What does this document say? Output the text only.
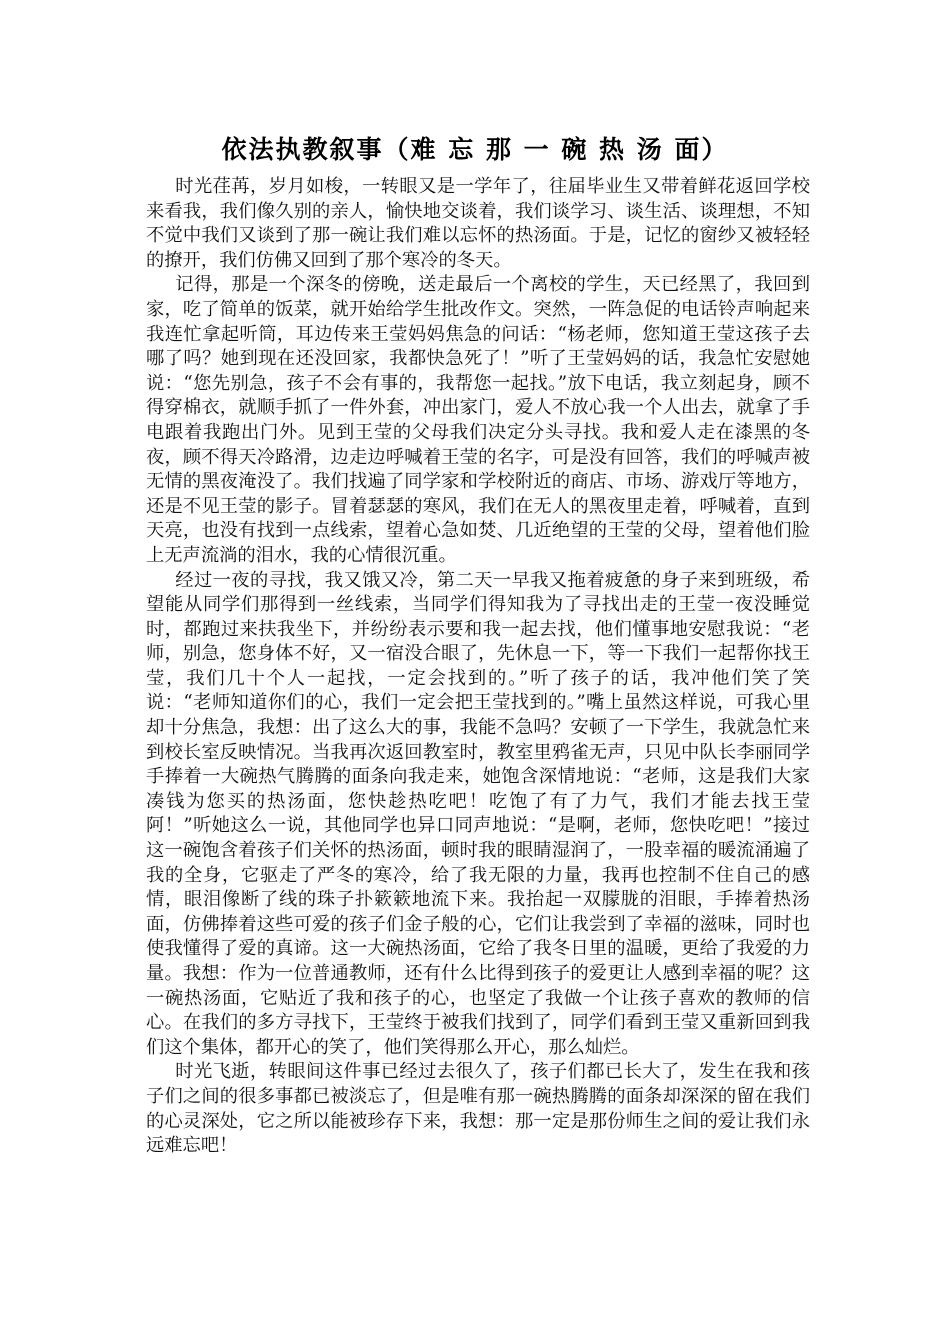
依法执教叙事（难 忘 那 一 碗 热 汤 面）

时光荏苒，岁月如梭，一转眼又是一学年了，往届毕业生又带着鲜花返回学校来看我，我们像久别的亲人，愉快地交谈着，我们谈学习、谈生活、谈理想，不知不觉中我们又谈到了那一碗让我们难以忘怀的热汤面。于是，记忆的窗纱又被轻轻的撩开，我们仿佛又回到了那个寒冷的冬天。

记得，那是一个深冬的傍晚，送走最后一个离校的学生，天已经黑了，我回到家，吃了简单的饭菜，就开始给学生批改作文。突然，一阵急促的电话铃声响起来我连忙拿起听筒，耳边传来王莹妈妈焦急的问话：“杨老师，您知道王莹这孩子去哪了吗？她到现在还没回家，我都快急死了！”听了王莹妈妈的话，我急忙安慰她说：“您先别急，孩子不会有事的，我帮您一起找。”放下电话，我立刻起身，顾不得穿棉衣，就顺手抓了一件外套，冲出家门，爱人不放心我一个人出去，就拿了手电跟着我跑出门外。见到王莹的父母我们决定分头寻找。我和爱人走在漆黑的冬夜，顾不得天冷路滑，边走边呼喊着王莹的名字，可是没有回答，我们的呼喊声被无情的黑夜淹没了。我们找遍了同学家和学校附近的商店、市场、游戏厅等地方，还是不见王莹的影子。冒着瑟瑟的寒风，我们在无人的黑夜里走着，呼喊着，直到天亮，也没有找到一点线索，望着心急如焚、几近绝望的王莹的父母，望着他们脸上无声流淌的泪水，我的心情很沉重。

经过一夜的寻找，我又饿又冷，第二天一早我又拖着疲惫的身子来到班级，希望能从同学们那得到一丝线索，当同学们得知我为了寻找出走的王莹一夜没睡觉时，都跑过来扶我坐下，并纷纷表示要和我一起去找，他们懂事地安慰我说：“老师，别急，您身体不好，又一宿没合眼了，先休息一下，等一下我们一起帮你找王莹，我们几十个人一起找，一定会找到的。”听了孩子的话，我冲他们笑了笑说：“老师知道你们的心，我们一定会把王莹找到的。”嘴上虽然这样说，可我心里却十分焦急，我想：出了这么大的事，我能不急吗？安顿了一下学生，我就急忙来到校长室反映情况。当我再次返回教室时，教室里鸦雀无声，只见中队长李丽同学手捧着一大碗热气腾腾的面条向我走来，她饱含深情地说：“老师，这是我们大家凑钱为您买的热汤面，您快趁热吃吧！吃饱了有了力气，我们才能去找王莹阿！”听她这么一说，其他同学也异口同声地说：“是啊，老师，您快吃吧！”接过这一碗饱含着孩子们关怀的热汤面，顿时我的眼睛湿润了，一股幸福的暖流涌遍了我的全身，它驱走了严冬的寒冷，给了我无限的力量，我再也控制不住自己的感情，眼泪像断了线的珠子扑簌簌地流下来。我抬起一双朦胧的泪眼，手捧着热汤面，仿佛捧着这些可爱的孩子们金子般的心，它们让我尝到了幸福的滋味，同时也使我懂得了爱的真谛。这一大碗热汤面，它给了我冬日里的温暖，更给了我爱的力量。我想：作为一位普通教师，还有什么比得到孩子的爱更让人感到幸福的呢？这一碗热汤面，它贴近了我和孩子的心，也坚定了我做一个让孩子喜欢的教师的信心。在我们的多方寻找下，王莹终于被我们找到了，同学们看到王莹又重新回到我们这个集体，都开心的笑了，他们笑得那么开心，那么灿烂。

时光飞逝，转眼间这件事已经过去很久了，孩子们都已长大了，发生在我和孩子们之间的很多事都已被淡忘了，但是唯有那一碗热腾腾的面条却深深的留在我们的心灵深处，它之所以能被珍存下来，我想：那一定是那份师生之间的爱让我们永远难忘吧！
